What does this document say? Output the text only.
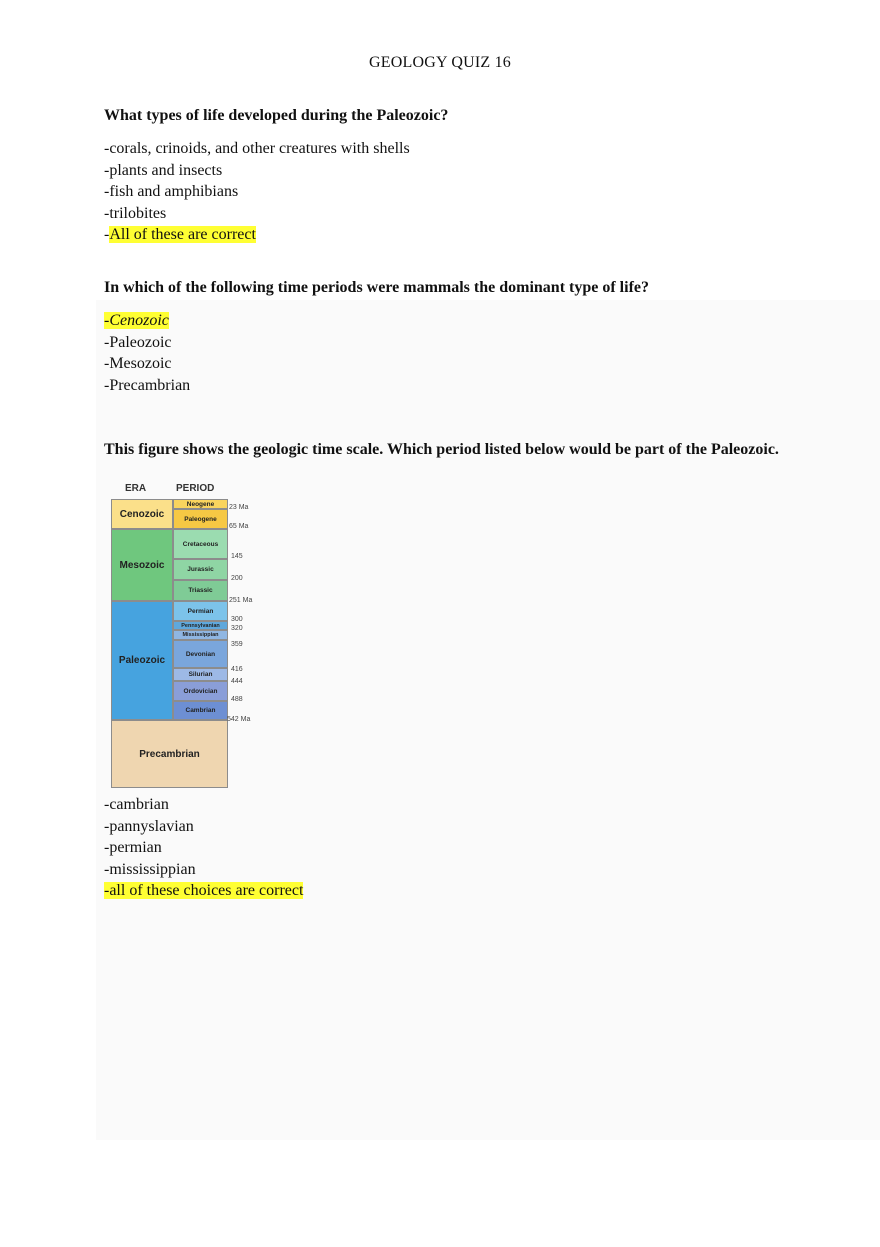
GEOLOGY QUIZ 16
What types of life developed during the Paleozoic?
-corals, crinoids, and other creatures with shells
-plants and insects
-fish and amphibians
-trilobites
-All of these are correct
In which of the following time periods were mammals the dominant type of life?
-Cenozoic
-Paleozoic
-Mesozoic
-Precambrian
This figure shows the geologic time scale. Which period listed below would be part of the Paleozoic.
ERA	PERIOD
Cenozoic
Mesozoic
Paleozoic
Precambrian
Neogene
Paleogene
Cretaceous
Jurassic
Triassic
Permian
Pennsylvanian
Mississippian
Devonian
Silurian
Ordovician
Cambrian
23 Ma
65 Ma
145
200
251 Ma
300
320
359
416
444
488
542 Ma
-cambrian
-pannyslavian
-permian
-mississippian
-all of these choices are correct
